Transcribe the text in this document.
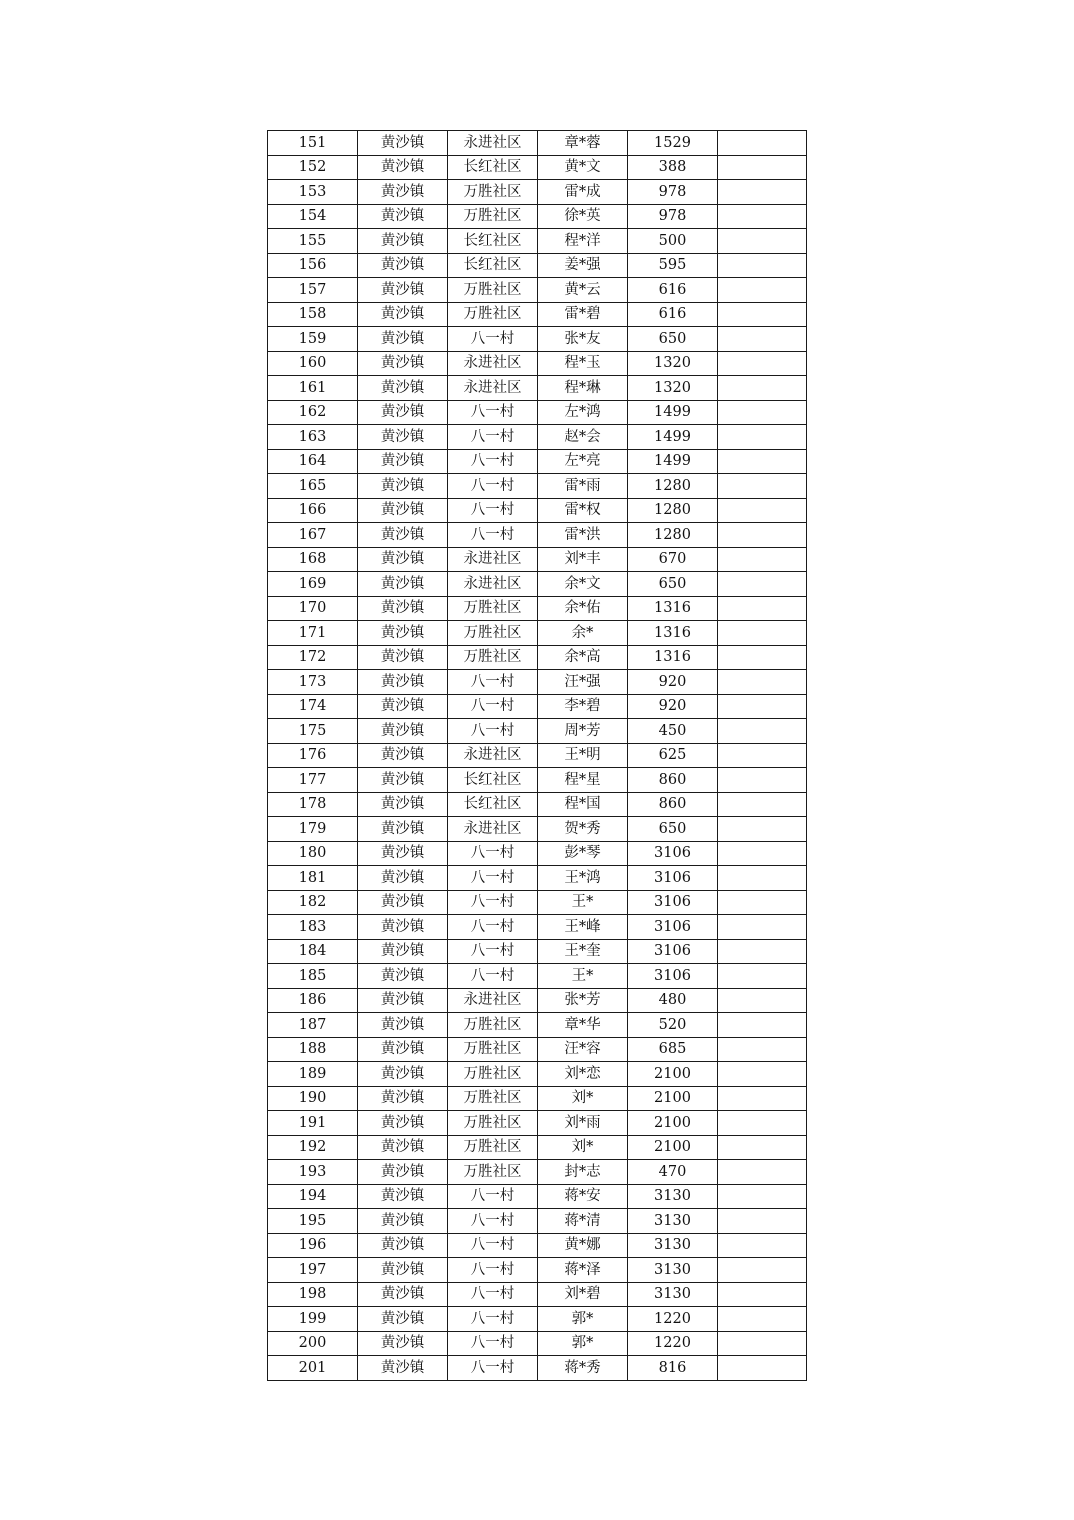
151	黄沙镇	永进社区	章*蓉	1529	
152	黄沙镇	长红社区	黄*文	388	
153	黄沙镇	万胜社区	雷*成	978	
154	黄沙镇	万胜社区	徐*英	978	
155	黄沙镇	长红社区	程*洋	500	
156	黄沙镇	长红社区	姜*强	595	
157	黄沙镇	万胜社区	黄*云	616	
158	黄沙镇	万胜社区	雷*碧	616	
159	黄沙镇	八一村	张*友	650	
160	黄沙镇	永进社区	程*玉	1320	
161	黄沙镇	永进社区	程*琳	1320	
162	黄沙镇	八一村	左*鸿	1499	
163	黄沙镇	八一村	赵*会	1499	
164	黄沙镇	八一村	左*亮	1499	
165	黄沙镇	八一村	雷*雨	1280	
166	黄沙镇	八一村	雷*权	1280	
167	黄沙镇	八一村	雷*洪	1280	
168	黄沙镇	永进社区	刘*丰	670	
169	黄沙镇	永进社区	余*文	650	
170	黄沙镇	万胜社区	余*佑	1316	
171	黄沙镇	万胜社区	余*	1316	
172	黄沙镇	万胜社区	余*高	1316	
173	黄沙镇	八一村	汪*强	920	
174	黄沙镇	八一村	李*碧	920	
175	黄沙镇	八一村	周*芳	450	
176	黄沙镇	永进社区	王*明	625	
177	黄沙镇	长红社区	程*星	860	
178	黄沙镇	长红社区	程*国	860	
179	黄沙镇	永进社区	贺*秀	650	
180	黄沙镇	八一村	彭*琴	3106	
181	黄沙镇	八一村	王*鸿	3106	
182	黄沙镇	八一村	王*	3106	
183	黄沙镇	八一村	王*峰	3106	
184	黄沙镇	八一村	王*奎	3106	
185	黄沙镇	八一村	王*	3106	
186	黄沙镇	永进社区	张*芳	480	
187	黄沙镇	万胜社区	章*华	520	
188	黄沙镇	万胜社区	汪*容	685	
189	黄沙镇	万胜社区	刘*恋	2100	
190	黄沙镇	万胜社区	刘*	2100	
191	黄沙镇	万胜社区	刘*雨	2100	
192	黄沙镇	万胜社区	刘*	2100	
193	黄沙镇	万胜社区	封*志	470	
194	黄沙镇	八一村	蒋*安	3130	
195	黄沙镇	八一村	蒋*清	3130	
196	黄沙镇	八一村	黄*娜	3130	
197	黄沙镇	八一村	蒋*泽	3130	
198	黄沙镇	八一村	刘*碧	3130	
199	黄沙镇	八一村	郭*	1220	
200	黄沙镇	八一村	郭*	1220	
201	黄沙镇	八一村	蒋*秀	816	
